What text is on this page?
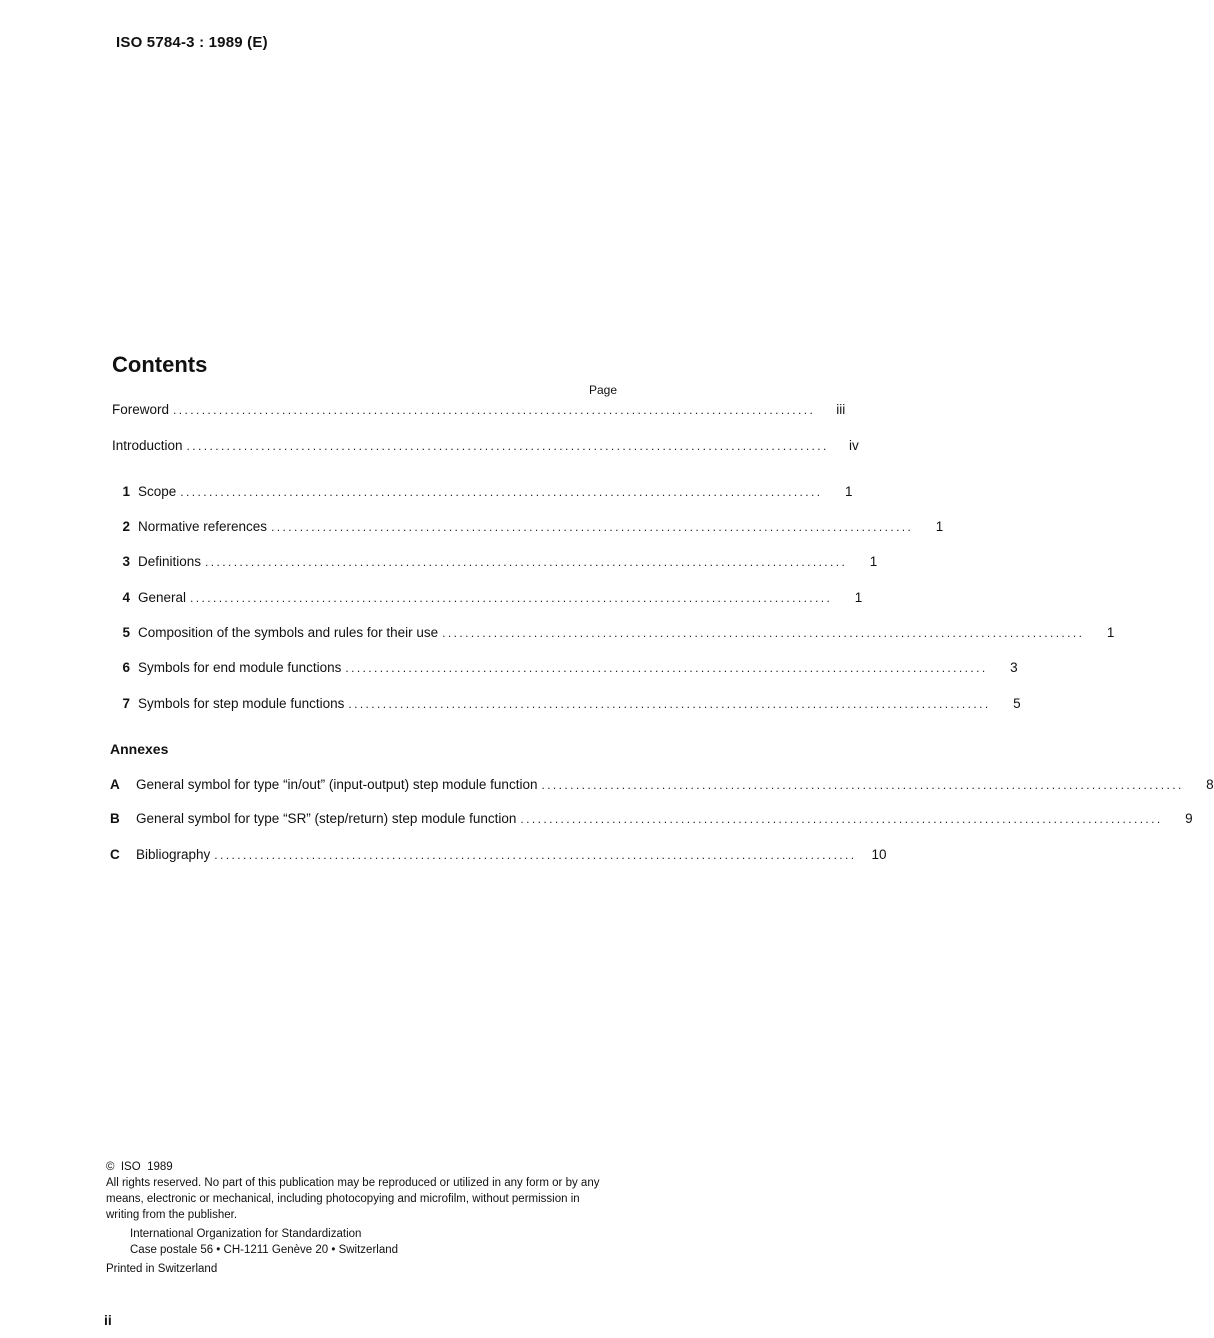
ISO 5784-3 : 1989 (E)
Contents
Page
Foreword ................................................................................................................	iii
Introduction ................................................................................................................	iv
1 Scope ................................................................................................................	1
2 Normative references ................................................................................................................	1
3 Definitions ................................................................................................................	1
4 General ................................................................................................................	1
5 Composition of the symbols and rules for their use ................................................................................................................	1
6 Symbols for end module functions ................................................................................................................	3
7 Symbols for step module functions ................................................................................................................	5
Annexes
A	General symbol for type “in/out” (input-output) step module function ................................................................................................................	8
B	General symbol for type “SR” (step/return) step module function ................................................................................................................	9
C	Bibliography ................................................................................................................	10
©  ISO  1989
All rights reserved. No part of this publication may be reproduced or utilized in any form or by any means, electronic or mechanical, including photocopying and microfilm, without permission in writing from the publisher.
International Organization for Standardization
Case postale 56 • CH-1211 Genève 20 • Switzerland
Printed in Switzerland
ii
